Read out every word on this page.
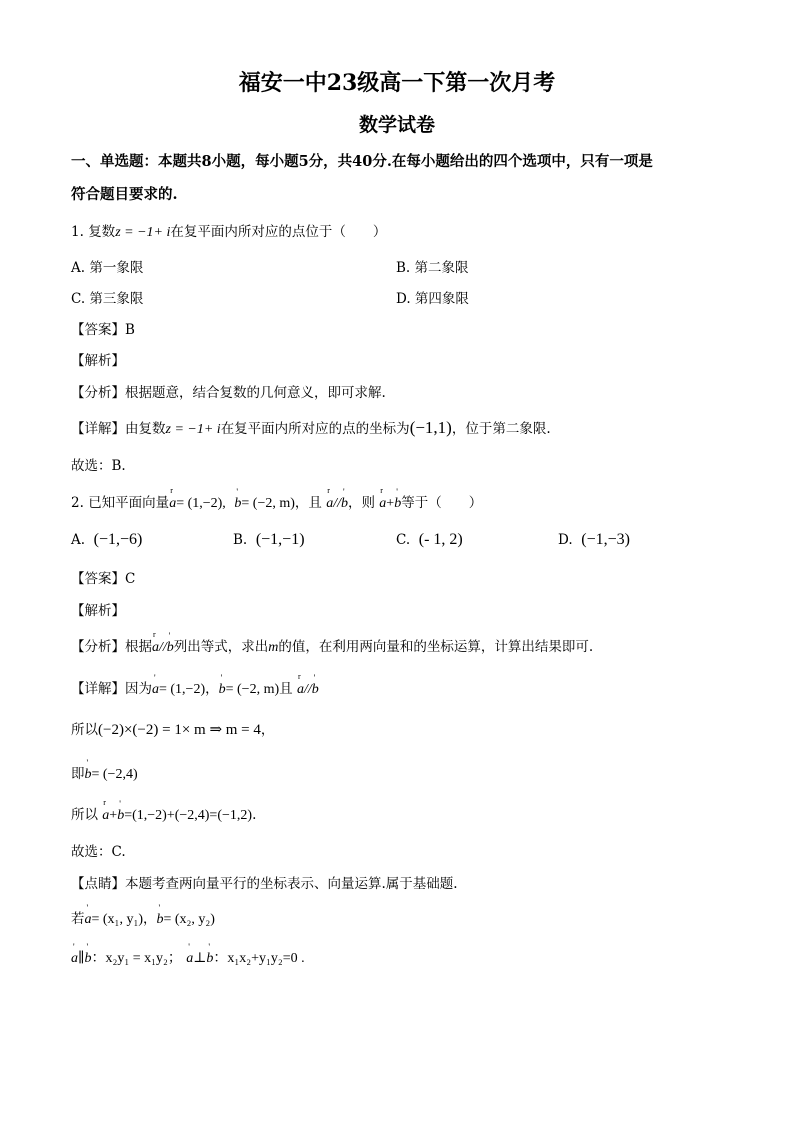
福安一中23级高一下第一次月考
数学试卷
一、单选题：本题共8小题，每小题5分，共40分.在每小题给出的四个选项中，只有一项是
符合题目要求的.
1. 复数z = −1+ i在复平面内所对应的点位于（　　）
A. 第一象限	B. 第二象限
C. 第三象限	D. 第四象限
【答案】B
【解析】
【分析】根据题意，结合复数的几何意义，即可求解.
【详解】由复数z = −1+ i在复平面内所对应的点的坐标为(−1,1)，位于第二象限.
故选：B.
2. 已知平面向量r a= (1,−2), ' b= (−2, m)，且 r a//' b，则 r a+' b等于（　　）
A. (−1,−6)	B. (−1,−1)	C. (- 1, 2)	D. (−1,−3)
【答案】C
【解析】
【分析】根据r a//' b列出等式，求出m的值，在利用两向量和的坐标运算，计算出结果即可.
【详解】因为' a= (1,−2)，' b= (−2, m)且 r a//' b
所以(−2)×(−2) = 1× m ⇒ m = 4，
即' b= (−2,4)
所以 r a+' b=(1,−2)+(−2,4)=(−1,2).
故选：C.
【点睛】本题考查两向量平行的坐标表示、向量运算.属于基础题.
若' a= (x₁, y₁)，' b= (x₂, y₂)
' a∥' b：x₂y₁ = x₁y₂； ' a⊥' b：x₁x₂+y₁y₂=0 .
